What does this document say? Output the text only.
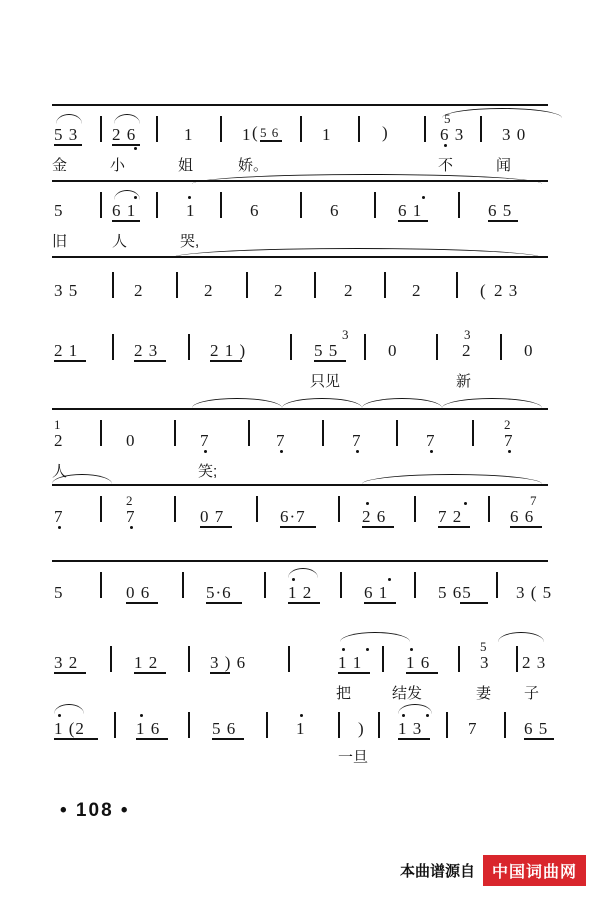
5 3 2 6	1	1 ( 5 6	1	)
5
6 3 3 0
金	小	姐	娇。	不	闻
5	6 1	1	6	6	6 1	6 5
旧	人	哭,
3 5	2	2	2	2	2	( 2 3
2 1	2 3	2 1 )
3
5 5	0
3
2	0
只见	新
1
2	0	7	7	7	7
2
7
人	笑;
7
2
7	0 7	6·7	2 6	7 2
7
6 6
5	0 6	5·6	1 2	6 1	5 65	3 ( 5
3 2	1 2	3 ) 6	1 1	1 6
5
3 2 3
把	结发	妻 子
1 (2	1 6	5 6	1	) 1 3	7	6 5
一旦
• 108 •
本曲谱源自	中国词曲网
